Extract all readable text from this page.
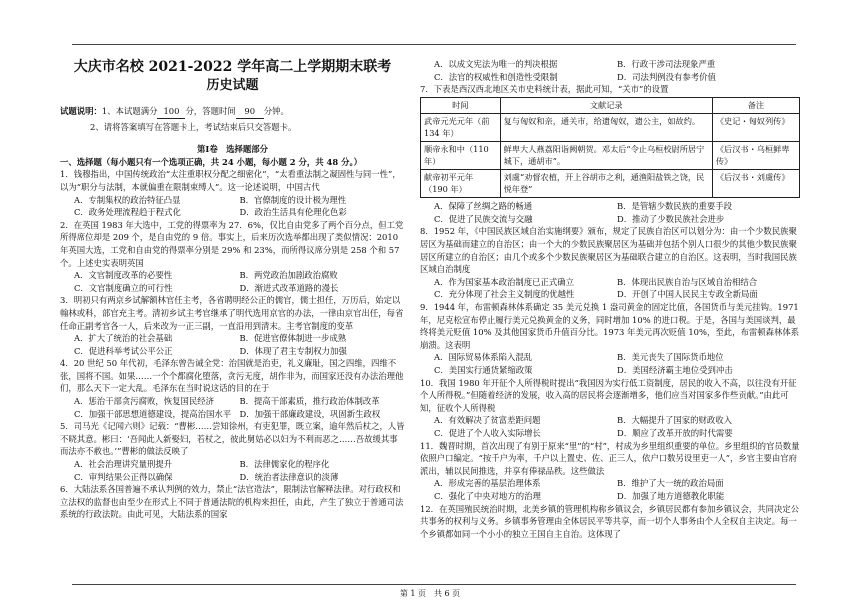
大庆市名校 2021-2022 学年高二上学期期末联考
历史试题
试题说明：1、本试题满分 100 分，答题时间 90 分钟。
2、请将答案填写在答题卡上，考试结束后只交答题卡。
第Ⅰ卷　选择题部分
一、选择题（每小题只有一个选项正确，共 24 小题，每小题 2 分，共 48 分。）
1．钱穆指出，中国传统政治“太注重职权分配之细密化”，“太看重法制之凝固性与同一性”，以为“职分与法制，本就偏重在限制束缚人”。这一论述说明，中国古代
A．专制集权的政治特征凸显	B．官僚制度的设计极为理性
C．政务处理流程趋于程式化	D．政治生活具有伦理化色彩
2．在英国 1983 年大选中，工党的得票率为 27．6%，仅比自由党多了两个百分点，但工党所得席位却是 209 个，是自由党的 9 倍。事实上，后来历次选举都出现了类似情况：2010 年英国大选，工党和自由党的得票率分别是 29% 和 23%，而所得议席分别是 258 个和 57 个。上述史实表明英国
A．文官制度改革的必要性	B．两党政治加剧政治腐败
C．文官制度确立的可行性	D．渐进式改革道路的漫长
3．明初只有两京乡试解额林官任主考，各省聘明经公正的儒官，儒士担任，万历后，始定以翰林或科，部官充主考。清初乡试主考官继承了明代选用京官的办法，一律由京官出任，每省任命正副考官各一人，后来改为一正三副，一直沿用到清末。主考官制度的变革
A．扩大了统治的社会基础	B．促进官僚体制进一步成熟
C．促进科举考试公平公正	D．体现了君主专制权力加强
4．20 世纪 50 年代初，毛泽东曾告诫全党：治国就是治吏，礼义廉耻，国之四维，四维不张，国将不国。如果……一个个都腐化堕落，贪污无度，胡作非为，而国家还没有办法治理他们，那么天下一定大乱。毛泽东在当时说这话的目的在于
A．惩治干部贪污腐败，恢复国民经济	B．提高干部素质，推行政治体制改革
C．加强干部思想道德建设，提高治国水平 D．加强干部廉政建设，巩固新生政权
5．司马光《记闻六则》记载：“曹彬……尝知徐州，有吏犯罪，既立案，逾年然后杖之，人皆不晓其意。彬曰：‘吾闻此人新娶妇，若杖之，彼此舅姑必以妇为不利而恶之……吾故缓其事而法亦不赦也。’”曹彬的做法反映了
A．社会治理讲究量刑提升	B．法律儒家化的程序化
C．审判结果公正得以确保	D．统治者法律意识的淡薄
6．大陆法系各国普遍不承认判例的效力，禁止“法官造法”，限制法官解释法律。对行政权和立法权的监督也由至少在形式上不同于普通法院的机构来担任，由此，产生了独立于普通司法系统的行政法院。由此可见，大陆法系的国家
A．以成文宪法为唯一的判决根据	B．行政干涉司法现象严重
C．法官的权威性和创造性受限制	D．司法判例没有参考价值
7．下表是西汉西北地区关市史料统计表，据此可知，“关市”的设置
时间	文献记录	备注
武帝元光元年（前 134 年）	复与匈奴和亲，通关市，给遗匈奴，遗公主，如故约。	《史记・匈奴列传》
顺帝永和中（110 年）	鲜卑大人燕荔阳诣阙朝贺。邓太后“令止乌桓校尉所居宁城下，通胡市”。	《后汉书・乌桓鲜卑传》
献帝初平元年（190 年）	刘虞“劝督农植，开上谷胡市之利，通渔阳盐铁之饶，民悦年登”	《后汉书・刘虞传》
A．保障了丝绸之路的畅通	B．是管辖少数民族的重要手段
C．促进了民族交流与交融	D．推动了少数民族社会进步
8．1952 年，《中国民族区域自治实施纲要》颁布，规定了民族自治区可以划分为：由一个少数民族聚居区为基础而建立的自治区；由一个大的少数民族聚居区为基础并包括个别人口很少的其他少数民族聚居区所建立的自治区；由几个或多个少数民族聚居区为基础联合建立的自治区。这表明，当时我国民族区域自治制度
A．作为国家基本政治制度已正式确立	B．体现出民族自治与区域自治相结合
C．充分体现了社会主义制度的优越性	D．开创了中国人民民主专政全新局面
9．1944 年，布雷顿森林体系确定 35 美元兑换 1 盎司黄金的固定比值，各国货币与美元挂钩。1971 年，尼克松宣布停止履行美元兑换黄金的义务，同时增加 10% 的进口税。于是，各国与美国谈判，最终将美元贬值 10% 及其他国家货币升值百分比。1973 年美元再次贬值 10%，至此，布雷顿森林体系崩溃。这表明
A．国际贸易体系陷入混乱	B．美元丧失了国际货币地位
C．美国实行通货紧缩政策	D．美国经济霸主地位受到冲击
10．我国 1980 年开征个人所得税时提出“我国因为实行低工资制度，居民的收入不高，以往没有开征个人所得税。”但随着经济的发展，收入高的居民将会逐渐增多，他们应当对国家多作些贡献。”由此可知，征收个人所得税
A．有效解决了贫富差距问题	B．大幅提升了国家的财政收入
C．促进了个人收入实际增长	D．顺应了改革开放的时代需要
11．魏晋时期，首次出现了有别于原来“里”的“村”，村成为乡里组织重要的单位。乡里组织的官员数量依照户口编定。“按千户为率，千户以上置史、佐、正三人，依户口数另设里吏一人”，乡官主要由官府派出，辅以民间推选，并享有俸禄品秩。这些做法
A．形成完善的基层治理体系	B．维护了大一统的政治局面
C．强化了中央对地方的治理	D．加强了地方道德教化职能
12．在英国殖民统治时期，北美乡镇的管理机构称乡镇议会，乡镇居民都有参加乡镇议会，共同决定公共事务的权利与义务。乡镇事务管理由全体居民平等共享，而一切个人事务由个人全权自主决定。每一个乡镇都如同一个小小的独立王国自主自治。这体现了
第 1 页　共 6 页
